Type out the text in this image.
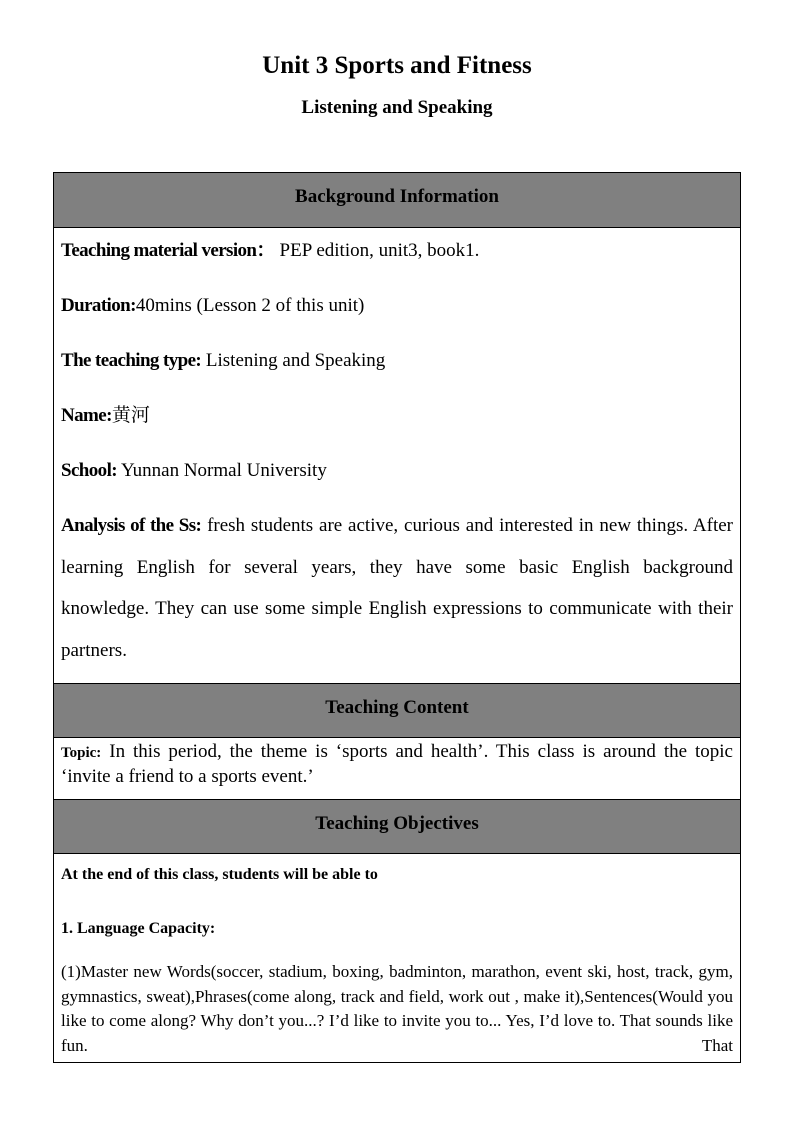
Unit 3 Sports and Fitness
Listening and Speaking
Background Information
Teaching material version： PEP edition, unit3, book1.
Duration:40mins (Lesson 2 of this unit)
The teaching type: Listening and Speaking
Name:黄河
School: Yunnan Normal University
Analysis of the Ss: fresh students are active, curious and interested in new things. After learning English for several years, they have some basic English background knowledge. They can use some simple English expressions to communicate with their partners.
Teaching Content
Topic: In this period, the theme is ‘sports and health’. This class is around the topic ‘invite a friend to a sports event.’
Teaching Objectives
At the end of this class, students will be able to
1. Language Capacity:
(1)Master new Words(soccer, stadium, boxing, badminton, marathon, event ski, host, track, gym, gymnastics, sweat),Phrases(come along, track and field, work out , make it),Sentences(Would you like to come along? Why don’t you...? I’d like to invite you to... Yes, I’d love to. That sounds like fun. That
